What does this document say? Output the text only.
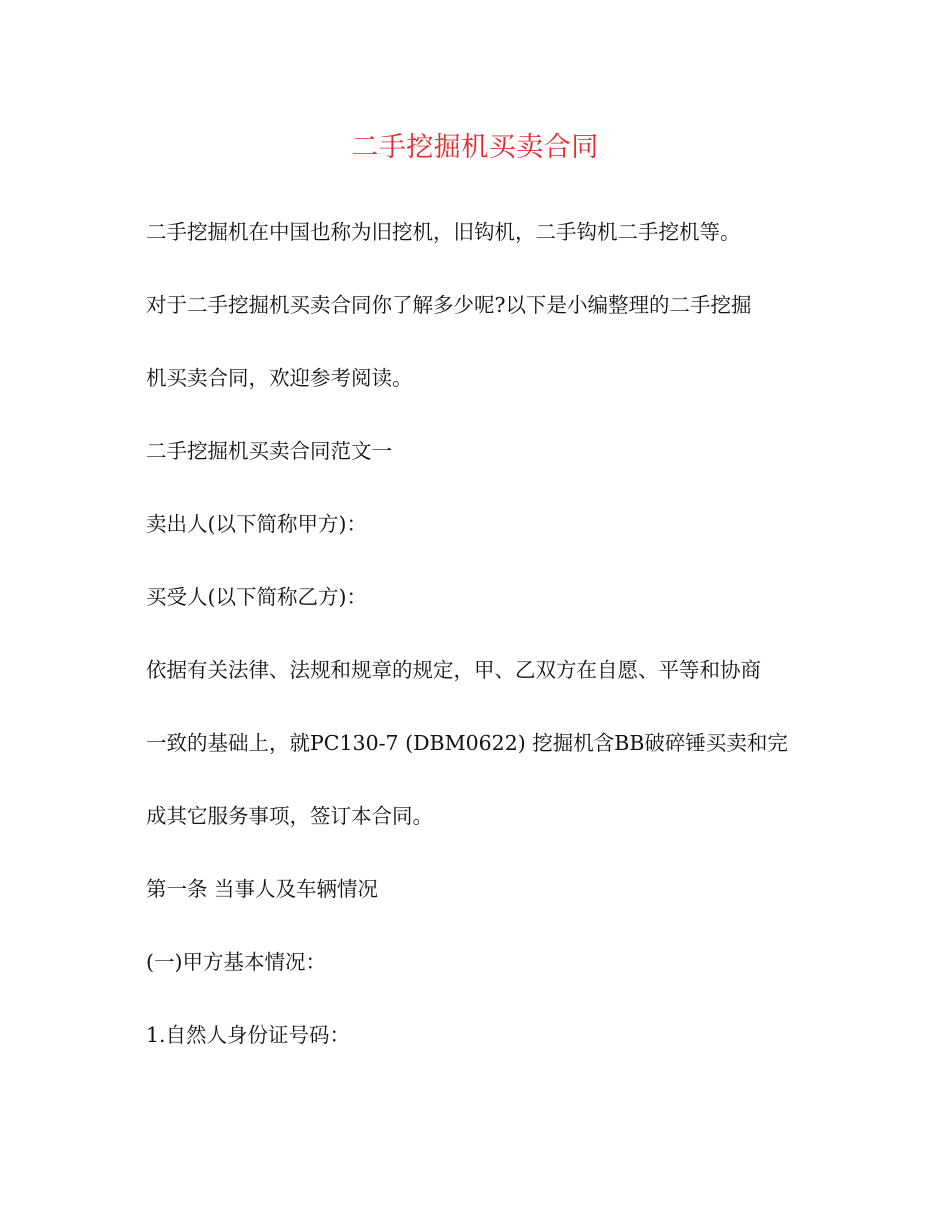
二手挖掘机买卖合同

二手挖掘机在中国也称为旧挖机，旧钩机，二手钩机二手挖机等。

对于二手挖掘机买卖合同你了解多少呢?以下是小编整理的二手挖掘

机买卖合同，欢迎参考阅读。

二手挖掘机买卖合同范文一

卖出人(以下简称甲方)：

买受人(以下简称乙方)：

依据有关法律、法规和规章的规定，甲、乙双方在自愿、平等和协商

一致的基础上，就PC130-7 (DBM0622) 挖掘机含BB破碎锤买卖和完

成其它服务事项，签订本合同。

第一条 当事人及车辆情况

(一)甲方基本情况：

1.自然人身份证号码：
